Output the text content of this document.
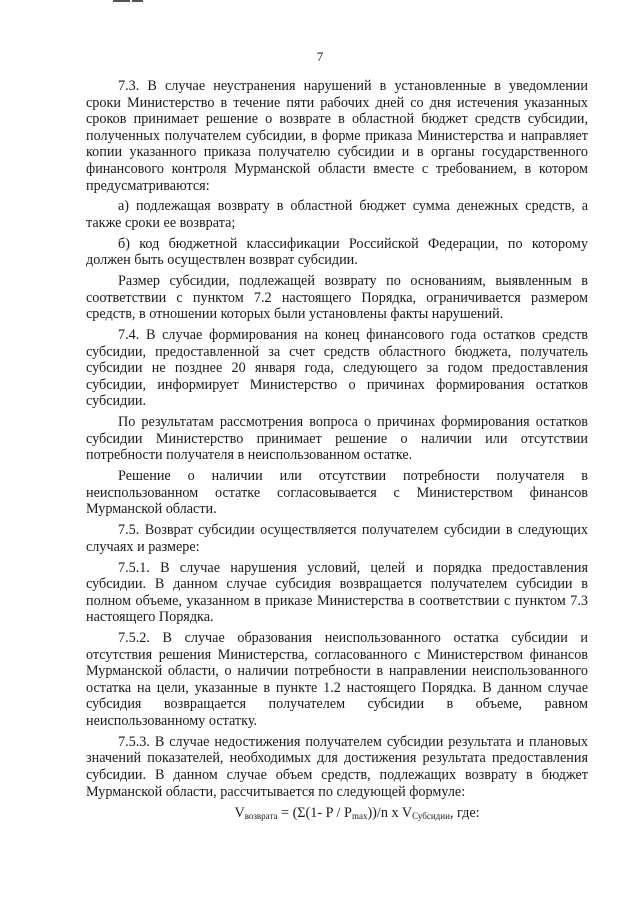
7

7.3. В случае неустранения нарушений в установленные в уведомлении сроки Министерство в течение пяти рабочих дней со дня истечения указанных сроков принимает решение о возврате в областной бюджет средств субсидии, полученных получателем субсидии, в форме приказа Министерства и направляет копии указанного приказа получателю субсидии и в органы государственного финансового контроля Мурманской области вместе с требованием, в котором предусматриваются:

а) подлежащая возврату в областной бюджет сумма денежных средств, а также сроки ее возврата;

б) код бюджетной классификации Российской Федерации, по которому должен быть осуществлен возврат субсидии.

Размер субсидии, подлежащей возврату по основаниям, выявленным в соответствии с пунктом 7.2 настоящего Порядка, ограничивается размером средств, в отношении которых были установлены факты нарушений.

7.4. В случае формирования на конец финансового года остатков средств субсидии, предоставленной за счет средств областного бюджета, получатель субсидии не позднее 20 января года, следующего за годом предоставления субсидии, информирует Министерство о причинах формирования остатков субсидии.

По результатам рассмотрения вопроса о причинах формирования остатков субсидии Министерство принимает решение о наличии или отсутствии потребности получателя в неиспользованном остатке.

Решение о наличии или отсутствии потребности получателя в неиспользованном остатке согласовывается с Министерством финансов Мурманской области.

7.5. Возврат субсидии осуществляется получателем субсидии в следующих случаях и размере:

7.5.1. В случае нарушения условий, целей и порядка предоставления субсидии. В данном случае субсидия возвращается получателем субсидии в полном объеме, указанном в приказе Министерства в соответствии с пунктом 7.3 настоящего Порядка.

7.5.2. В случае образования неиспользованного остатка субсидии и отсутствия решения Министерства, согласованного с Министерством финансов Мурманской области, о наличии потребности в направлении неиспользованного остатка на цели, указанные в пункте 1.2 настоящего Порядка. В данном случае субсидия возвращается получателем субсидии в объеме, равном неиспользованному остатку.

7.5.3. В случае недостижения получателем субсидии результата и плановых значений показателей, необходимых для достижения результата предоставления субсидии. В данном случае объем средств, подлежащих возврату в бюджет Мурманской области, рассчитывается по следующей формуле:

$V_{возврата} = (\Sigma(1-$ P / $P_{max}))/n$ x $V_{Субсидии}$, где:
